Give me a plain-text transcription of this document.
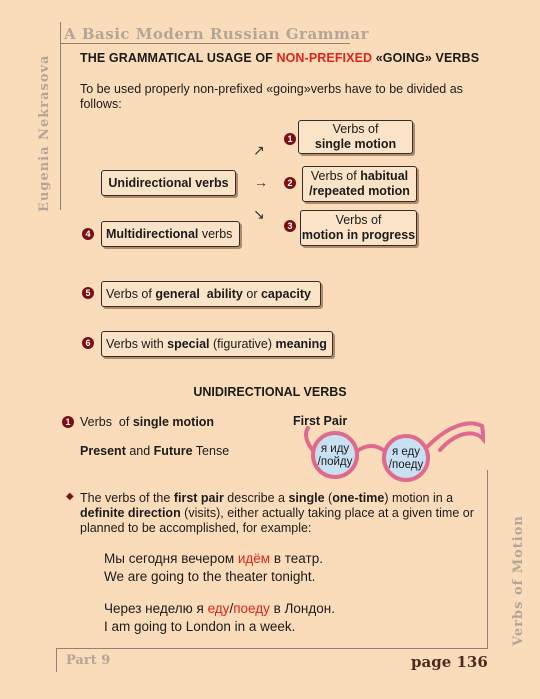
A Basic Modern Russian Grammar
Eugenia Nekrasova
Verbs of Motion
Part 9	page 136
THE GRAMMATICAL USAGE OF NON-PREFIXED «GOING» VERBS
To be used properly non-prefixed «going»verbs have to be divided as follows:
Unidirectional verbs
↗
→
↘
1
Verbs of
single motion
2	Verbs of habitual
/repeated motion
3	Verbs of
motion in progress
4 Multidirectional verbs
5 Verbs of general ability or capacity
6 Verbs with special (figurative) meaning
UNIDIRECTIONAL VERBS
1 Verbs  of single motion	First Pair
Present and Future Tense	я иду
/пойду
я еду
/поеду
◆ The verbs of the first pair describe a single (one-time) motion in a definite direction (visits), either actually taking place at a given time or planned to be accomplished, for example:
Мы сегодня вечером идём в театр.
We are going to the theater tonight.
Через неделю я еду/поеду в Лондон.
I am going to London in a week.
